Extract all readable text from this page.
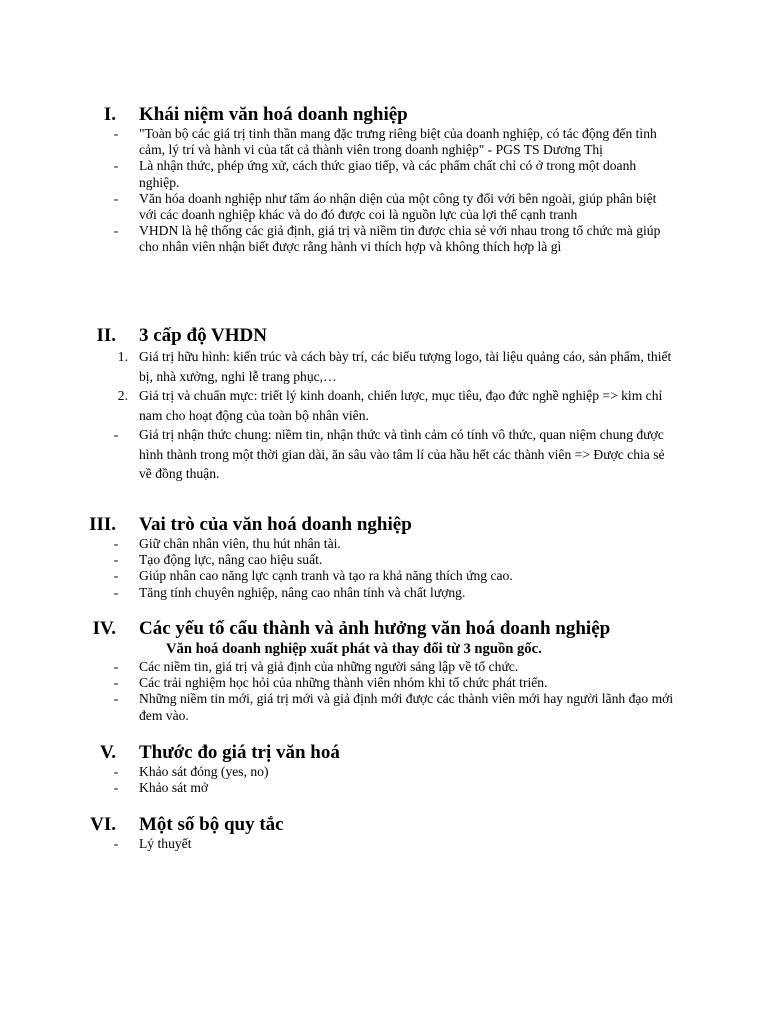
I. Khái niệm văn hoá doanh nghiệp
-	"Toàn bộ các giá trị tinh thần mang đặc trưng riêng biệt của doanh nghiệp, có tác động đến tình cảm, lý trí và hành vi của tất cả thành viên trong doanh nghiệp" - PGS TS Dương Thị
-	Là nhận thức, phép ứng xử, cách thức giao tiếp, và các phẩm chất chỉ có ở trong một doanh nghiệp.
-	Văn hóa doanh nghiệp như tấm áo nhận diện của một công ty đối với bên ngoài, giúp phân biệt với các doanh nghiệp khác và do đó được coi là nguồn lực của lợi thế cạnh tranh
-	VHDN là hệ thống các giả định, giá trị và niềm tin được chia sẻ với nhau trong tổ chức mà giúp cho nhân viên nhận biết được rằng hành vi thích hợp và không thích hợp là gì
II. 3 cấp độ VHDN
1. Giá trị hữu hình: kiến trúc và cách bày trí, các biểu tượng logo, tài liệu quảng cáo, sản phẩm, thiết bị, nhà xưởng, nghi lễ trang phục,…
2. Giá trị và chuẩn mực: triết lý kinh doanh, chiến lược, mục tiêu, đạo đức nghề nghiệp => kim chỉ nam cho hoạt động của toàn bộ nhân viên.
-	Giá trị nhận thức chung: niềm tin, nhận thức và tình cảm có tính vô thức, quan niệm chung được hình thành trong một thời gian dài, ăn sâu vào tâm lí của hầu hết các thành viên => Được chia sẻ về đồng thuận.
III. Vai trò của văn hoá doanh nghiệp
-	Giữ chân nhân viên, thu hút nhân tài.
-	Tạo động lực, nâng cao hiệu suất.
-	Giúp nhân cao năng lực cạnh tranh và tạo ra khả năng thích ứng cao.
-	Tăng tính chuyên nghiệp, nâng cao nhân tính và chất lượng.
IV. Các yếu tố cấu thành và ảnh hưởng văn hoá doanh nghiệp
Văn hoá doanh nghiệp xuất phát và thay đổi từ 3 nguồn gốc.
-	Các niềm tin, giá trị và giả định của những người sáng lập về tổ chức.
-	Các trải nghiệm học hỏi của những thành viên nhóm khi tổ chức phát triển.
-	Những niềm tin mới, giá trị mới và giả định mới được các thành viên mới hay người lãnh đạo mới đem vào.
V. Thước đo giá trị văn hoá
-	Khảo sát đóng (yes, no)
-	Khảo sát mở
VI. Một số bộ quy tắc
-	Lý thuyết
